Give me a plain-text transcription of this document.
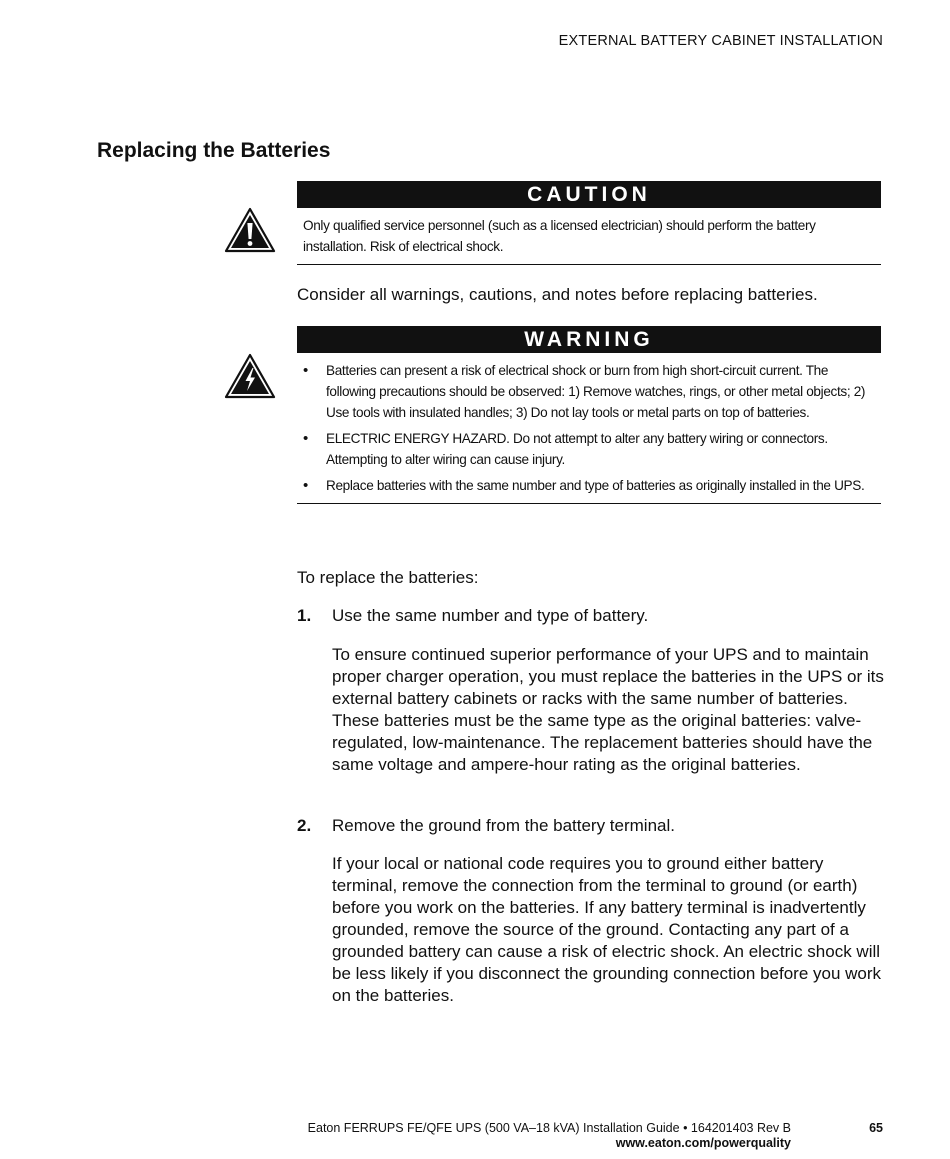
EXTERNAL BATTERY CABINET INSTALLATION
Replacing the Batteries
CAUTION
Only qualified service personnel (such as a licensed electrician) should perform the battery installation. Risk of electrical shock.
Consider all warnings, cautions, and notes before replacing batteries.
WARNING
• Batteries can present a risk of electrical shock or burn from high short-circuit current. The following precautions should be observed: 1) Remove watches, rings, or other metal objects; 2) Use tools with insulated handles; 3) Do not lay tools or metal parts on top of batteries.
• ELECTRIC ENERGY HAZARD. Do not attempt to alter any battery wiring or connectors. Attempting to alter wiring can cause injury.
• Replace batteries with the same number and type of batteries as originally installed in the UPS.
To replace the batteries:
1. Use the same number and type of battery.
To ensure continued superior performance of your UPS and to maintain proper charger operation, you must replace the batteries in the UPS or its external battery cabinets or racks with the same number of batteries. These batteries must be the same type as the original batteries: valve-regulated, low-maintenance. The replacement batteries should have the same voltage and ampere-hour rating as the original batteries.
2. Remove the ground from the battery terminal.
If your local or national code requires you to ground either battery terminal, remove the connection from the terminal to ground (or earth) before you work on the batteries. If any battery terminal is inadvertently grounded, remove the source of the ground. Contacting any part of a grounded battery can cause a risk of electric shock. An electric shock will be less likely if you disconnect the grounding connection before you work on the batteries.
Eaton FERRUPS FE/QFE UPS (500 VA–18 kVA) Installation Guide • 164201403 Rev B
www.eaton.com/powerquality
65
